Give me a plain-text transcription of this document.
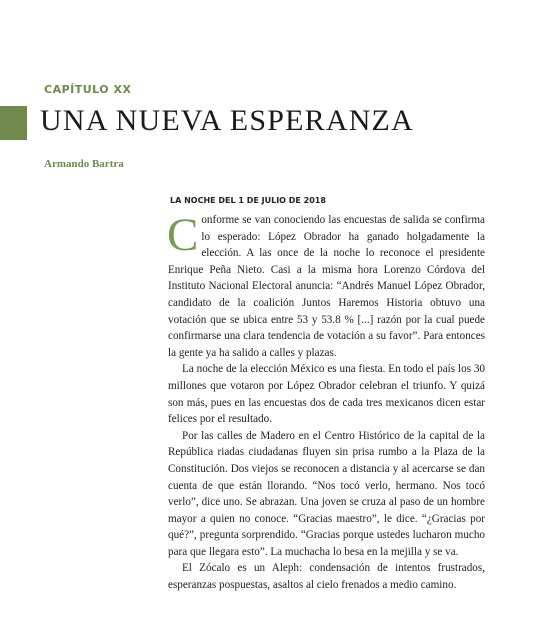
CAPÍTULO XX
UNA NUEVA ESPERANZA
Armando Bartra
LA NOCHE DEL 1 DE JULIO DE 2018

Conforme se van conociendo las encuestas de salida se confirma lo esperado: López Obrador ha ganado holgadamente la elección. A las once de la noche lo reconoce el presidente Enrique Peña Nieto. Casi a la misma hora Lorenzo Córdova del Instituto Nacional Electoral anuncia: “Andrés Manuel López Obrador, candidato de la coalición Juntos Haremos Historia obtuvo una votación que se ubica entre 53 y 53.8 % [...] razón por la cual puede confirmarse una clara tendencia de votación a su favor”. Para entonces la gente ya ha salido a calles y plazas.

La noche de la elección México es una fiesta. En todo el país los 30 millones que votaron por López Obrador celebran el triunfo. Y quizá son más, pues en las encuestas dos de cada tres mexicanos dicen estar felices por el resultado.

Por las calles de Madero en el Centro Histórico de la capital de la República riadas ciudadanas fluyen sin prisa rumbo a la Plaza de la Constitución. Dos viejos se reconocen a distancia y al acercarse se dan cuenta de que están llorando. “Nos tocó verlo, hermano. Nos tocó verlo”, dice uno. Se abrazan. Una joven se cruza al paso de un hombre mayor a quien no conoce. “Gracias maestro”, le dice. “¿Gracias por qué?”, pregunta sorprendido. “Gracias porque ustedes lucharon mucho para que llegara esto”. La muchacha lo besa en la mejilla y se va.

El Zócalo es un Aleph: condensación de intentos frustrados, esperanzas pospuestas, asaltos al cielo frenados a medio camino.
